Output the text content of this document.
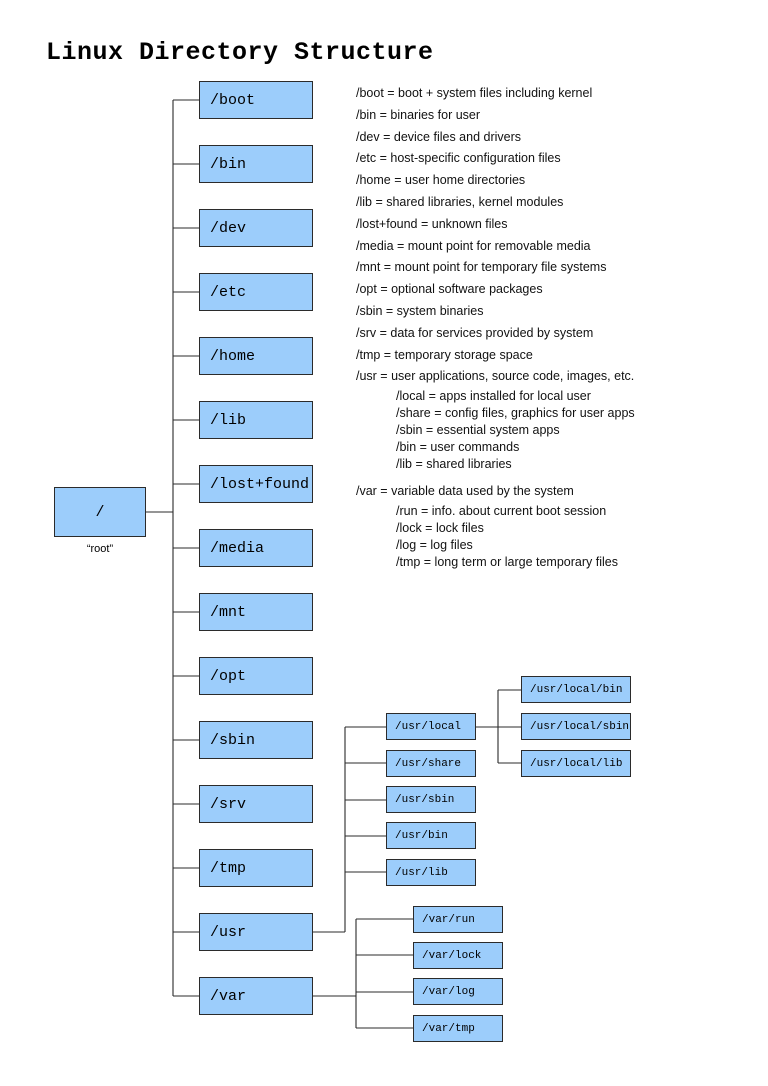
Linux Directory Structure
/
“root”
/boot
/bin
/dev
/etc
/home
/lib
/lost+found
/media
/mnt
/opt
/sbin
/srv
/tmp
/usr
/var
/usr/local
/usr/share
/usr/sbin
/usr/bin
/usr/lib
/usr/local/bin
/usr/local/sbin
/usr/local/lib
/var/run
/var/lock
/var/log
/var/tmp
/boot = boot + system files including kernel
/bin = binaries for user
/dev = device files and drivers
/etc = host-specific configuration files
/home = user home directories
/lib = shared libraries, kernel modules
/lost+found = unknown files
/media = mount point for removable media
/mnt = mount point for temporary file systems
/opt = optional software packages
/sbin = system binaries
/srv = data for services provided by system
/tmp = temporary storage space
/usr = user applications, source code, images, etc.
/local = apps installed for local user
/share = config files, graphics for user apps
/sbin = essential system apps
/bin = user commands
/lib = shared libraries
/var = variable data used by the system
/run = info. about current boot session
/lock = lock files
/log = log files
/tmp = long term or large temporary files
